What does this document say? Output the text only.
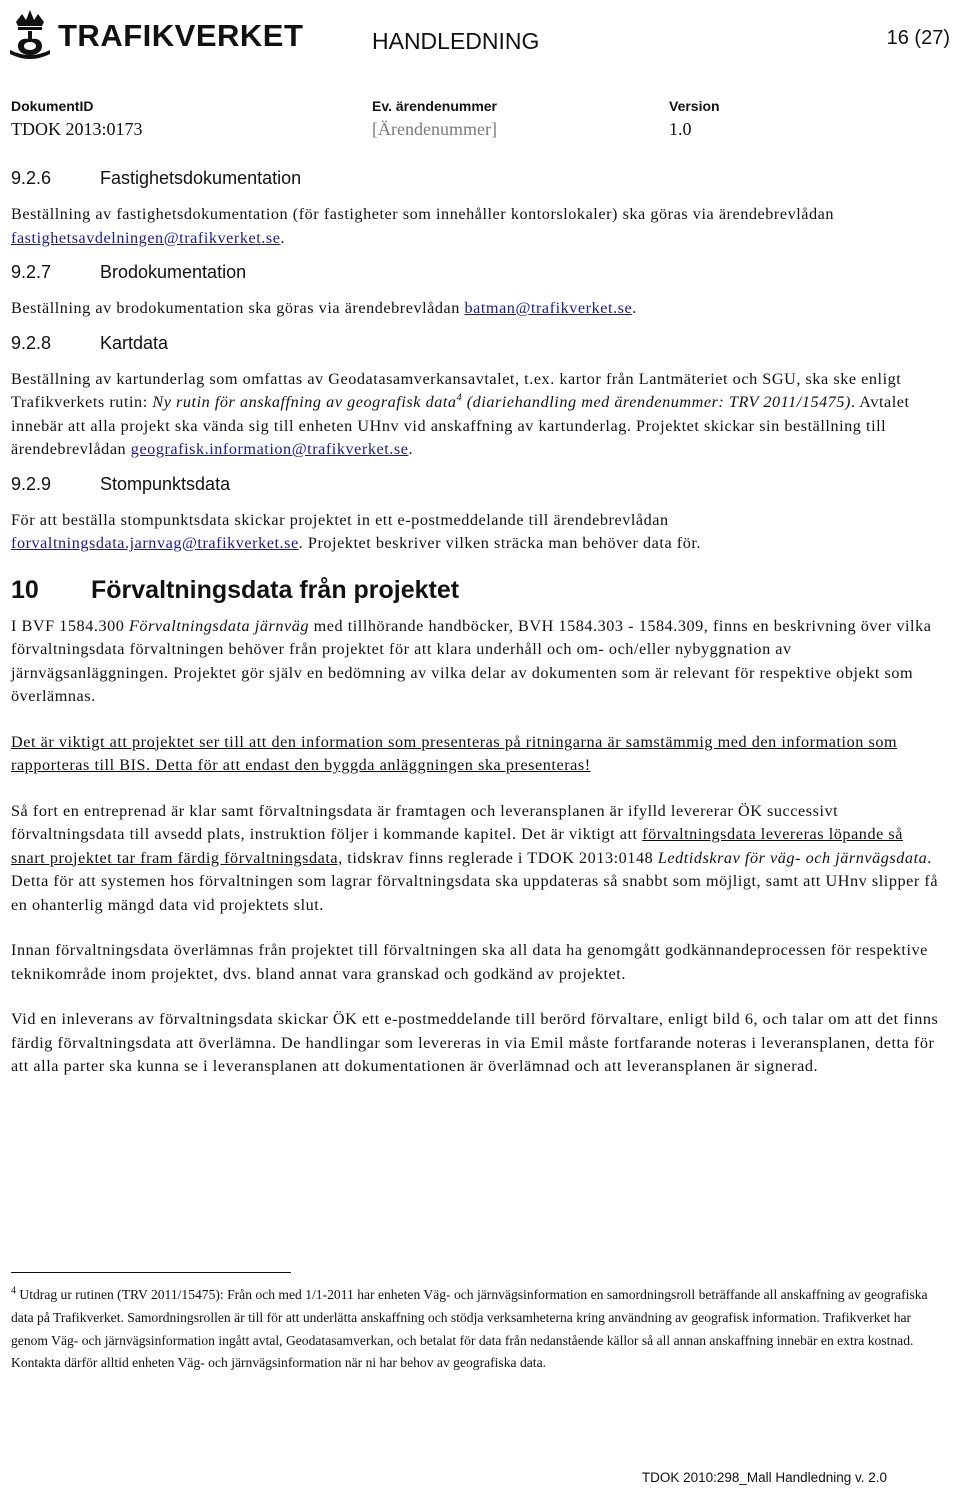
TRAFIKVERKET	HANDLEDNING	16 (27)
DokumentID
TDOK 2013:0173
Ev. ärendenummer
[Ärendenummer]
Version
1.0
9.2.6	Fastighetsdokumentation

Beställning av fastighetsdokumentation (för fastigheter som innehåller kontorslokaler) ska göras via ärendebrevlådan fastighetsavdelningen@trafikverket.se.

9.2.7	Brodokumentation

Beställning av brodokumentation ska göras via ärendebrevlådan batman@trafikverket.se.

9.2.8	Kartdata

Beställning av kartunderlag som omfattas av Geodatasamverkansavtalet, t.ex. kartor från Lantmäteriet och SGU, ska ske enligt Trafikverkets rutin: Ny rutin för anskaffning av geografisk data$^4$ (diariehandling med ärendenummer: TRV 2011/15475). Avtalet innebär att alla projekt ska vända sig till enheten UHnv vid anskaffning av kartunderlag. Projektet skickar sin beställning till ärendebrevlådan geografisk.information@trafikverket.se.

9.2.9	Stompunktsdata

För att beställa stompunktsdata skickar projektet in ett e-postmeddelande till ärendebrevlådan forvaltningsdata.jarnvag@trafikverket.se. Projektet beskriver vilken sträcka man behöver data för.

10	Förvaltningsdata från projektet

I BVF 1584.300 Förvaltningsdata järnväg med tillhörande handböcker, BVH 1584.303 - 1584.309, finns en beskrivning över vilka förvaltningsdata förvaltningen behöver från projektet för att klara underhåll och om- och/eller nybyggnation av järnvägsanläggningen. Projektet gör själv en bedömning av vilka delar av dokumenten som är relevant för respektive objekt som överlämnas.

Det är viktigt att projektet ser till att den information som presenteras på ritningarna är samstämmig med den information som rapporteras till BIS. Detta för att endast den byggda anläggningen ska presenteras!

Så fort en entreprenad är klar samt förvaltningsdata är framtagen och leveransplanen är ifylld levererar ÖK successivt förvaltningsdata till avsedd plats, instruktion följer i kommande kapitel. Det är viktigt att förvaltningsdata levereras löpande så snart projektet tar fram färdig förvaltningsdata, tidskrav finns reglerade i TDOK 2013:0148 Ledtidskrav för väg- och järnvägsdata. Detta för att systemen hos förvaltningen som lagrar förvaltningsdata ska uppdateras så snabbt som möjligt, samt att UHnv slipper få en ohanterlig mängd data vid projektets slut.

Innan förvaltningsdata överlämnas från projektet till förvaltningen ska all data ha genomgått godkännandeprocessen för respektive teknikområde inom projektet, dvs. bland annat vara granskad och godkänd av projektet.

Vid en inleverans av förvaltningsdata skickar ÖK ett e-postmeddelande till berörd förvaltare, enligt bild 6, och talar om att det finns färdig förvaltningsdata att överlämna. De handlingar som levereras in via Emil måste fortfarande noteras i leveransplanen, detta för att alla parter ska kunna se i leveransplanen att dokumentationen är överlämnad och att leveransplanen är signerad.

$^4$ Utdrag ur rutinen (TRV 2011/15475): Från och med 1/1-2011 har enheten Väg- och järnvägsinformation en samordningsroll beträffande all anskaffning av geografiska data på Trafikverket. Samordningsrollen är till för att underlätta anskaffning och stödja verksamheterna kring användning av geografisk information. Trafikverket har genom Väg- och järnvägsinformation ingått avtal, Geodatasamverkan, och betalat för data från nedanstående källor så all annan anskaffning innebär en extra kostnad. Kontakta därför alltid enheten Väg- och järnvägsinformation när ni har behov av geografiska data.
TDOK 2010:298_Mall Handledning v. 2.0
